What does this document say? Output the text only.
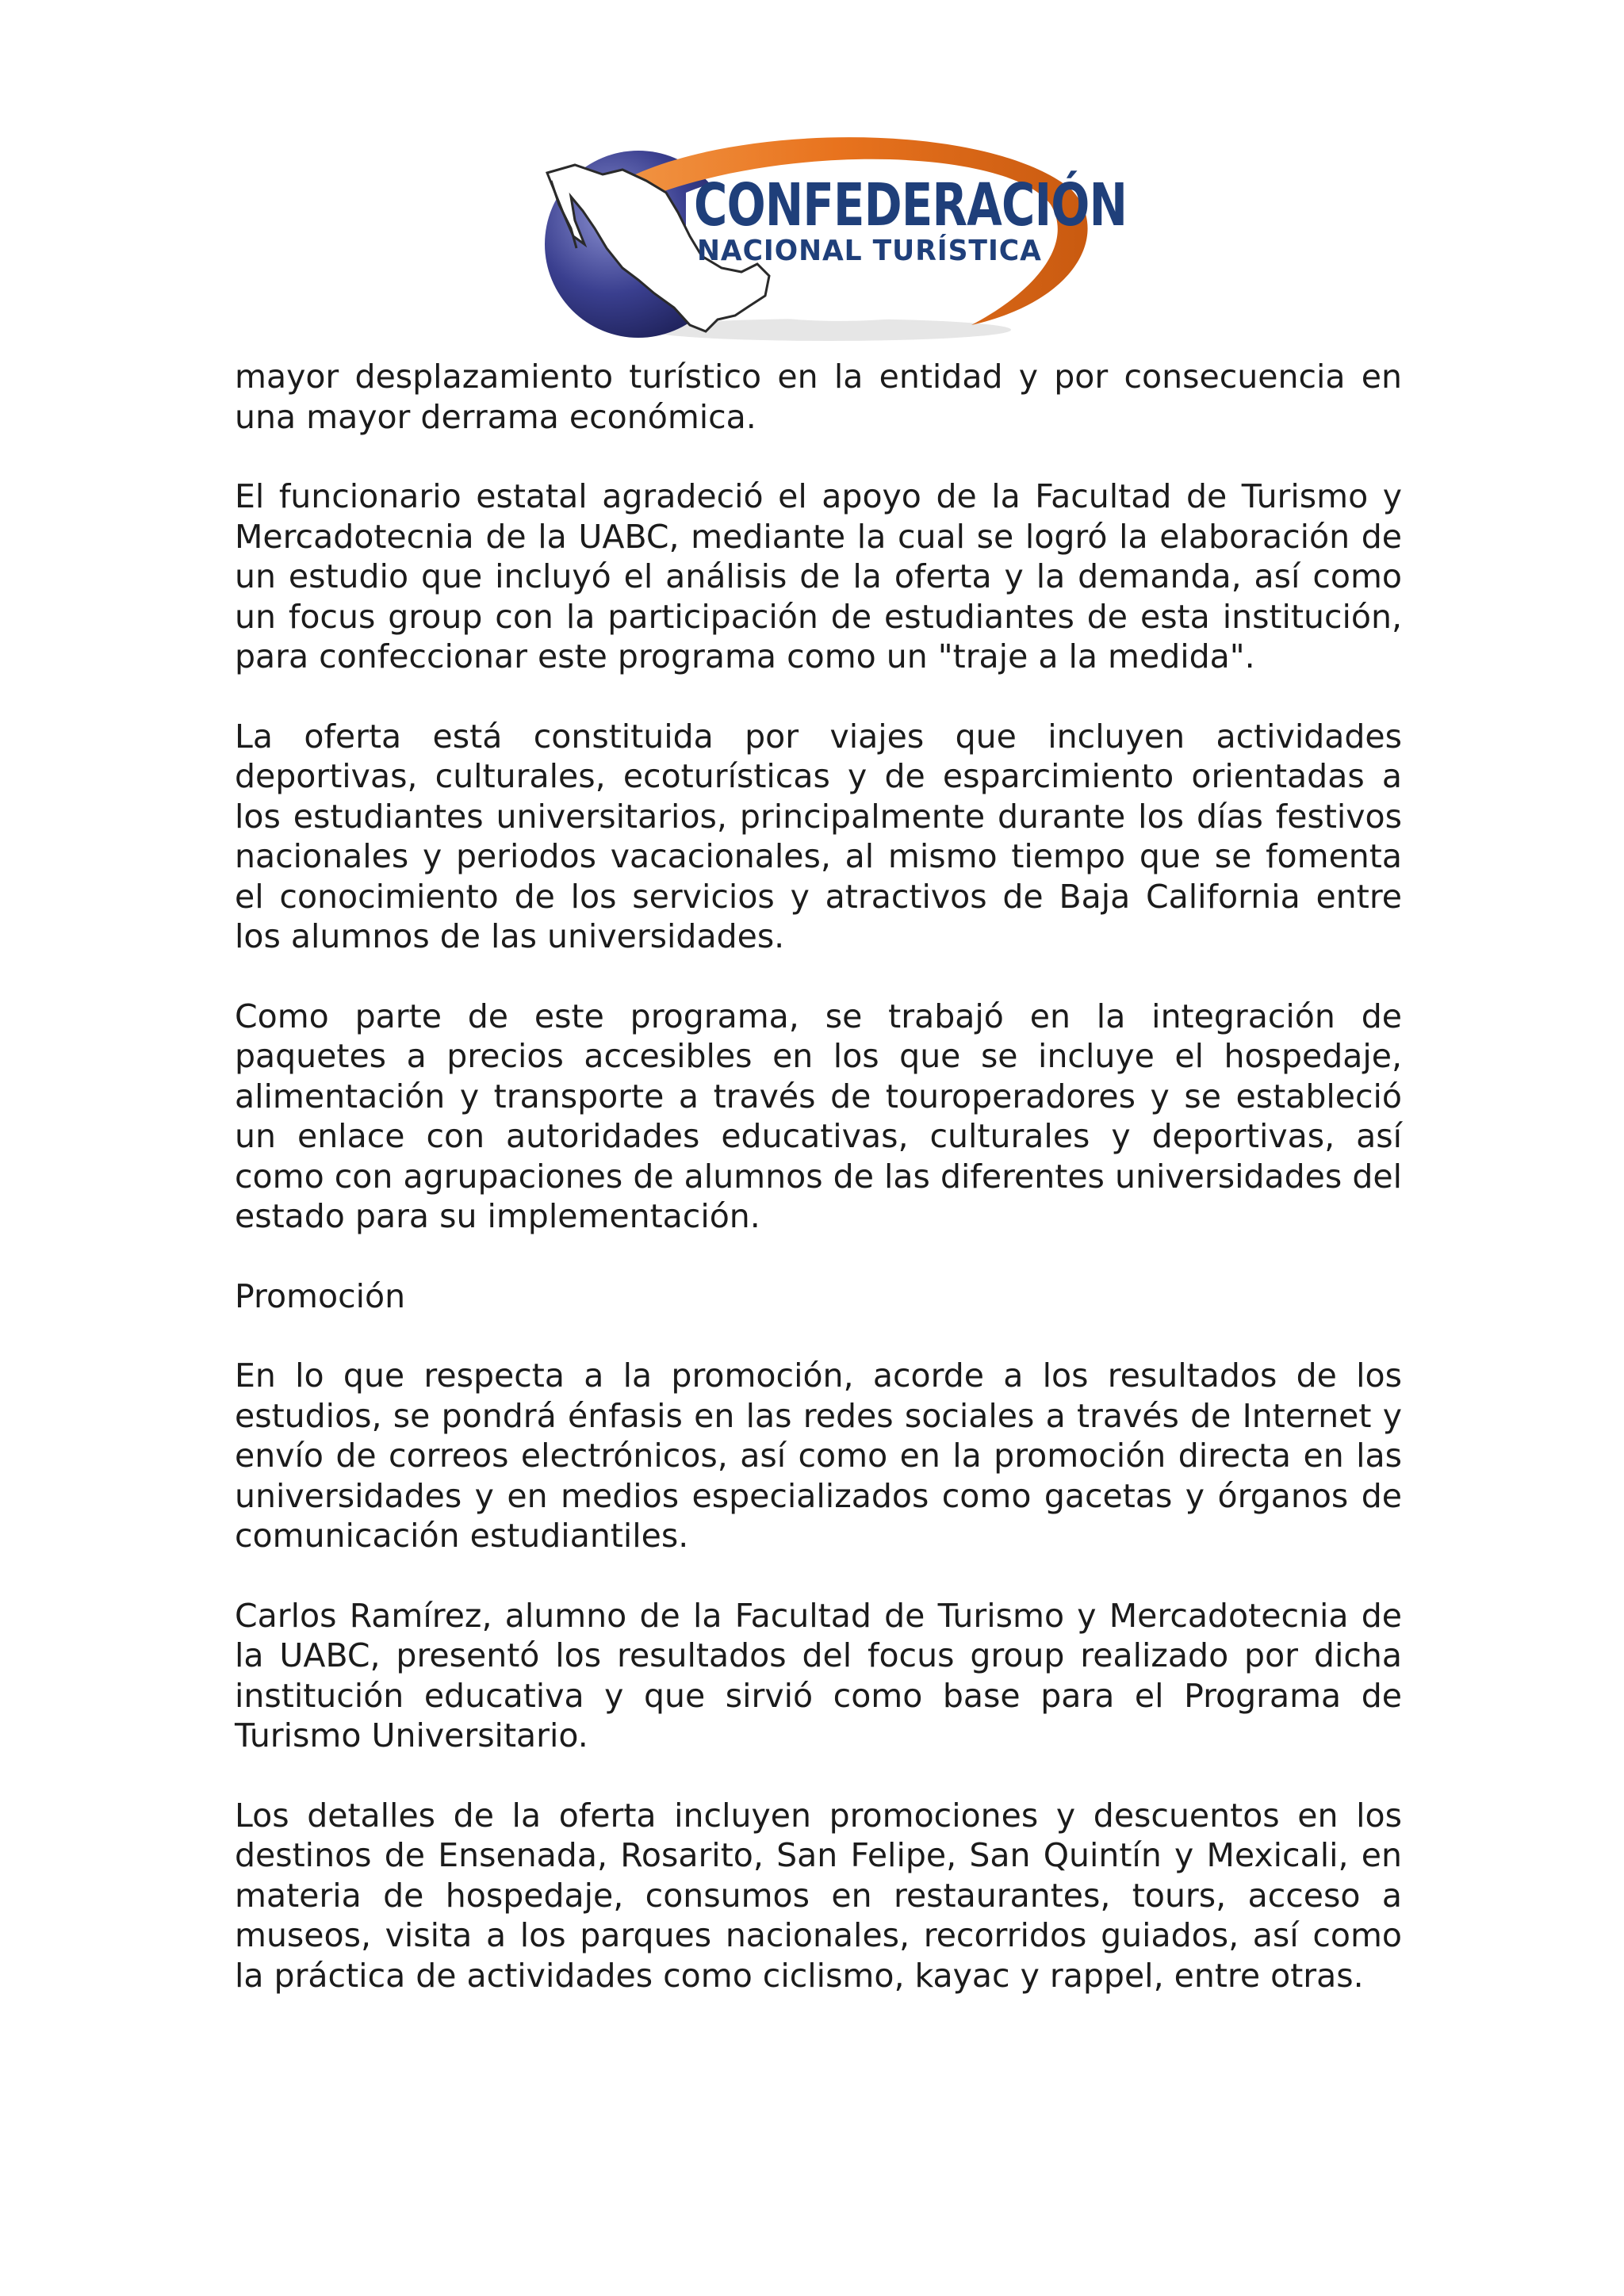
CONFEDERACIÓN
NACIONAL TURÍSTICA

mayor desplazamiento turístico en la entidad y por consecuencia en una mayor derrama económica.

El funcionario estatal agradeció el apoyo de la Facultad de Turismo y Mercadotecnia de la UABC, mediante la cual se logró la elaboración de un estudio que incluyó el análisis de la oferta y la demanda, así como un focus group con la participación de estudiantes de esta institución, para confeccionar este programa como un "traje a la medida".

La oferta está constituida por viajes que incluyen actividades deportivas, culturales, ecoturísticas y de esparcimiento orientadas a los estudiantes universitarios, principalmente durante los días festivos nacionales y periodos vacacionales, al mismo tiempo que se fomenta el conocimiento de los servicios y atractivos de Baja California entre los alumnos de las universidades.

Como parte de este programa, se trabajó en la integración de paquetes a precios accesibles en los que se incluye el hospedaje, alimentación y transporte a través de touroperadores y se estableció un enlace con autoridades educativas, culturales y deportivas, así como con agrupaciones de alumnos de las diferentes universidades del estado para su implementación.

Promoción

En lo que respecta a la promoción, acorde a los resultados de los estudios, se pondrá énfasis en las redes sociales a través de Internet y envío de correos electrónicos, así como en la promoción directa en las universidades y en medios especializados como gacetas y órganos de comunicación estudiantiles.

Carlos Ramírez, alumno de la Facultad de Turismo y Mercadotecnia de la UABC, presentó los resultados del focus group realizado por dicha institución educativa y que sirvió como base para el Programa de Turismo Universitario.

Los detalles de la oferta incluyen promociones y descuentos en los destinos de Ensenada, Rosarito, San Felipe, San Quintín y Mexicali, en materia de hospedaje, consumos en restaurantes, tours, acceso a museos, visita a los parques nacionales, recorridos guiados, así como la práctica de actividades como ciclismo, kayac y rappel, entre otras.
